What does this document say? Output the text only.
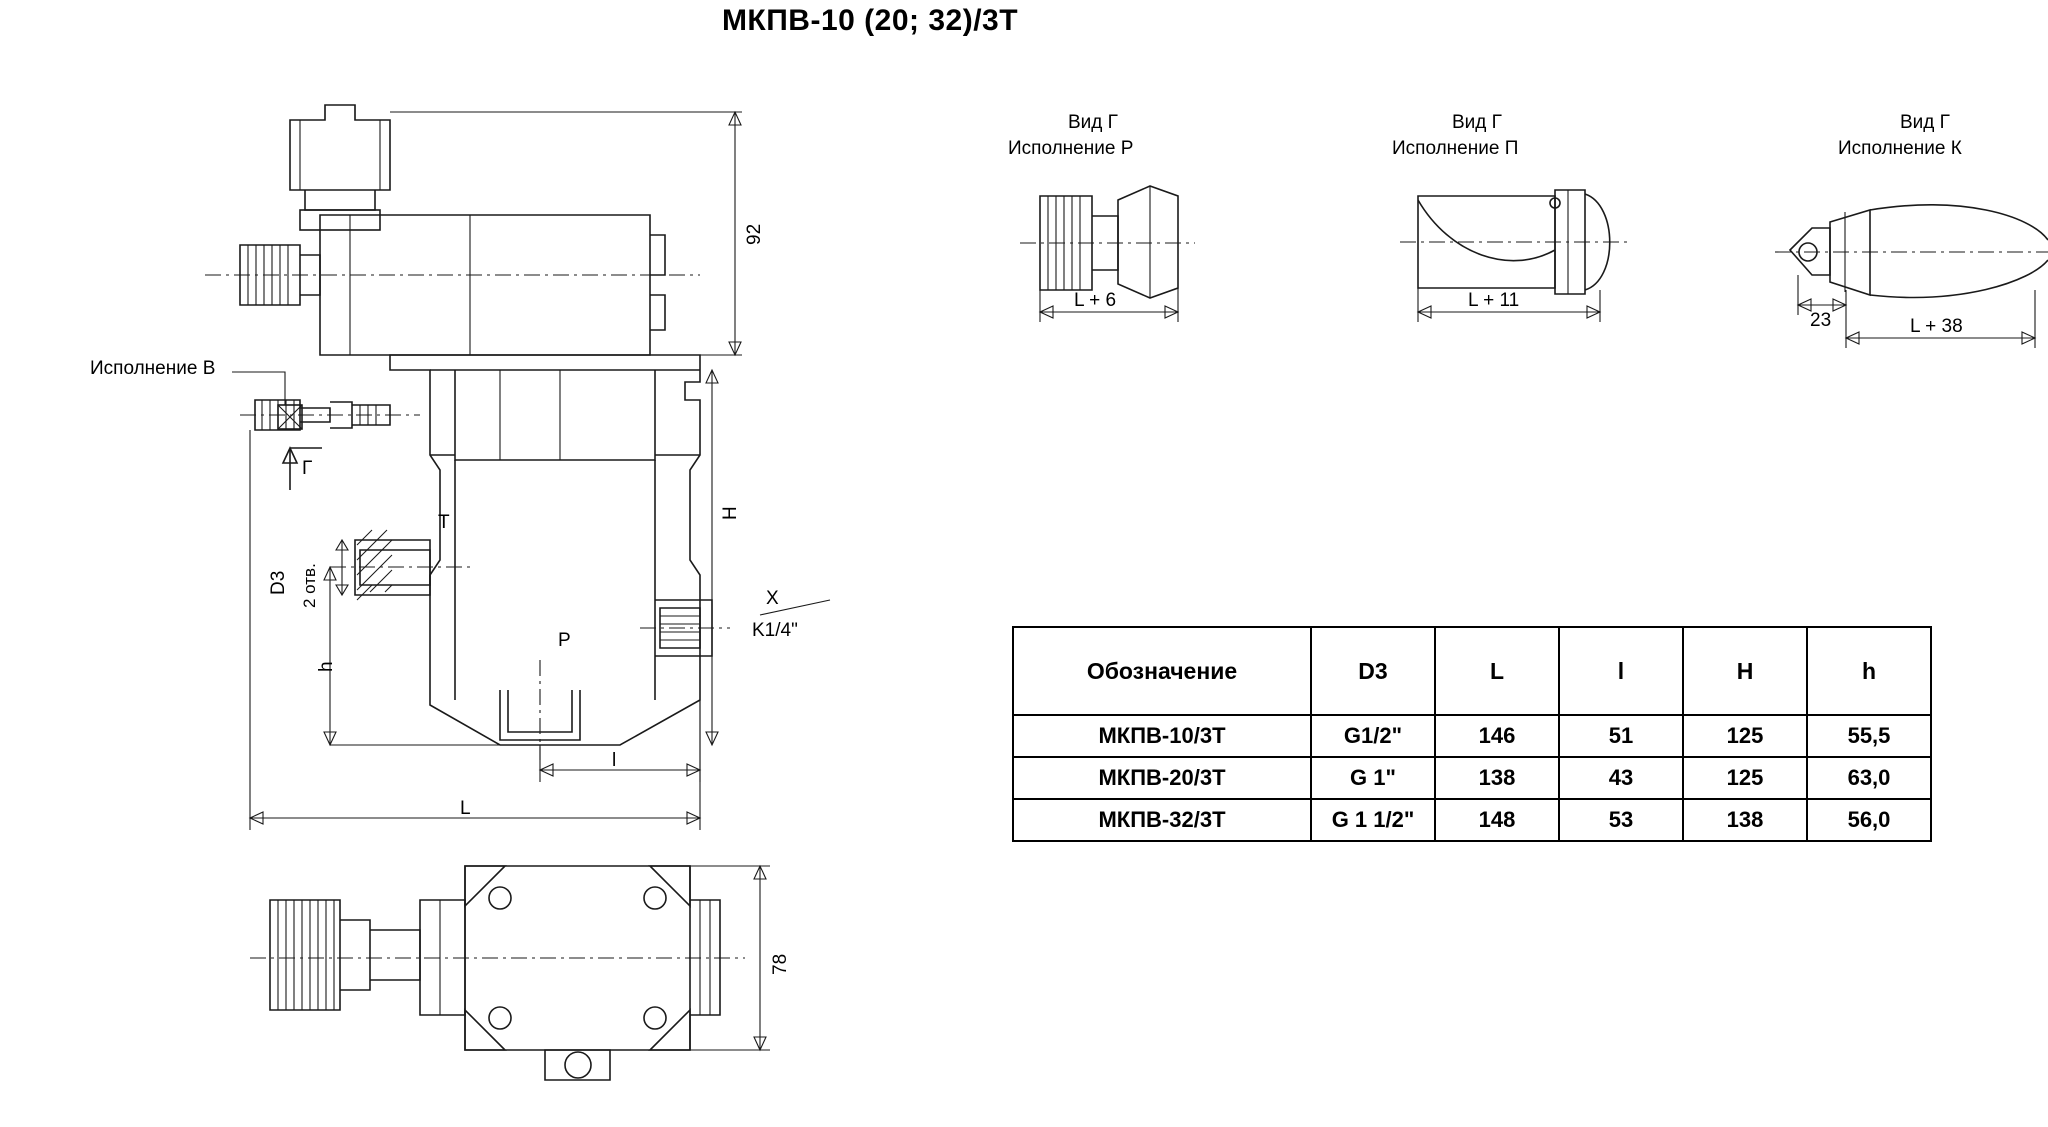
МКПВ-10 (20; 32)/3Т
Исполнение В
Г
92
H
D3 2 отв.
h
l
L
78
T
P
X
K1/4"
Вид Г
Исполнение Р
L + 6
Вид Г
Исполнение П
L + 11
Вид Г
Исполнение К
23	L + 38
Обозначение	D3	L	l	H	h
МКПВ-10/3Т	G1/2"	146	51	125	55,5
МКПВ-20/3Т	G 1"	138	43	125	63,0
МКПВ-32/3Т	G 1 1/2"	148	53	138	56,0
